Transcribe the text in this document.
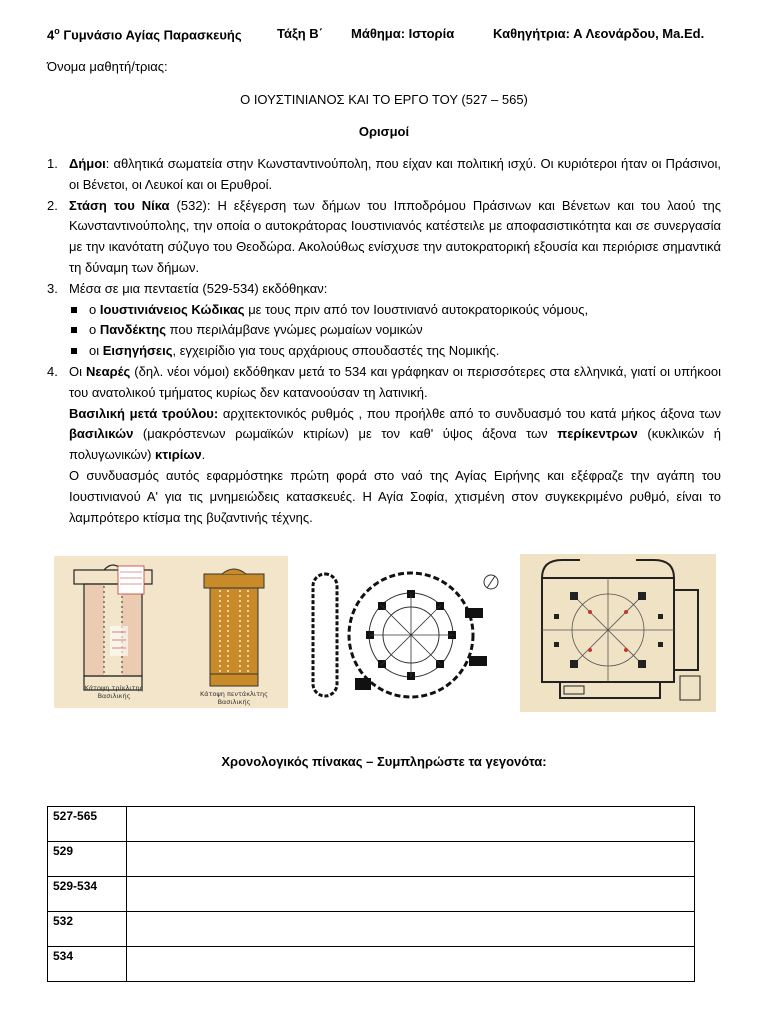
$4^o$ Γυμνάσιο Αγίας Παρασκευής	Τάξη Β΄ Μάθημα: Ιστορία	Καθηγήτρια: Α Λεονάρδου, Ma.Ed.
Όνομα μαθητή/τριας:
Ο ΙΟΥΣΤΙΝΙΑΝΟΣ ΚΑΙ ΤΟ ΕΡΓΟ ΤΟΥ (527 – 565)
Ορισμοί
1. Δήμοι: αθλητικά σωματεία στην Κωνσταντινούπολη, που είχαν και πολιτική ισχύ. Οι κυριότεροι ήταν οι Πράσινοι, οι Βένετοι, οι Λευκοί και οι Ερυθροί.
2. Στάση του Νίκα (532): Η εξέγερση των δήμων του Ιπποδρόμου Πράσινων και Βένετων και του λαού της Κωνσταντινούπολης, την οποία ο αυτοκράτορας Ιουστινιανός κατέστειλε με αποφασιστικότητα και σε συνεργασία με την ικανότατη σύζυγο του Θεοδώρα. Ακολούθως ενίσχυσε την αυτοκρατορική εξουσία και περιόρισε σημαντικά τη δύναμη των δήμων.
3. Μέσα σε μια πενταετία (529-534) εκδόθηκαν:
ο Ιουστινιάνειος Κώδικας με τους πριν από τον Ιουστινιανό αυτοκρατορικούς νόμους,
ο Πανδέκτης που περιλάμβανε γνώμες ρωμαίων νομικών
οι Εισηγήσεις, εγχειρίδιο για τους αρχάριους σπουδαστές της Νομικής.
4. Οι Νεαρές (δηλ. νέοι νόμοι) εκδόθηκαν μετά το 534 και γράφηκαν οι περισσότερες στα ελληνικά, γιατί οι υπήκοοι του ανατολικού τμήματος κυρίως δεν κατανοούσαν τη λατινική.
Βασιλική μετά τρούλου: αρχιτεκτονικός ρυθμός , που προήλθε από το συνδυασμό του κατά μήκος άξονα των βασιλικών (μακρόστενων ρωμαϊκών κτιρίων) με τον καθ' ύψος άξονα των περίκεντρων (κυκλικών ή πολυγωνικών) κτιρίων.
Ο συνδυασμός αυτός εφαρμόστηκε πρώτη φορά στο ναό της Αγίας Ειρήνης και εξέφραζε την αγάπη του Ιουστινιανού Α' για τις μνημειώδεις κατασκευές. Η Αγία Σοφία, χτισμένη στον συγκεκριμένο ρυθμό, είναι το λαμπρότερο κτίσμα της βυζαντινής τέχνης.
Κάτοψη τρίκλιτης
Βασιλικής	Κάτοψη πεντάκλιτης
Βασιλικής
Χρονολογικός πίνακας – Συμπληρώστε τα γεγονότα:
527-565	
529	
529-534	
532	
534	
